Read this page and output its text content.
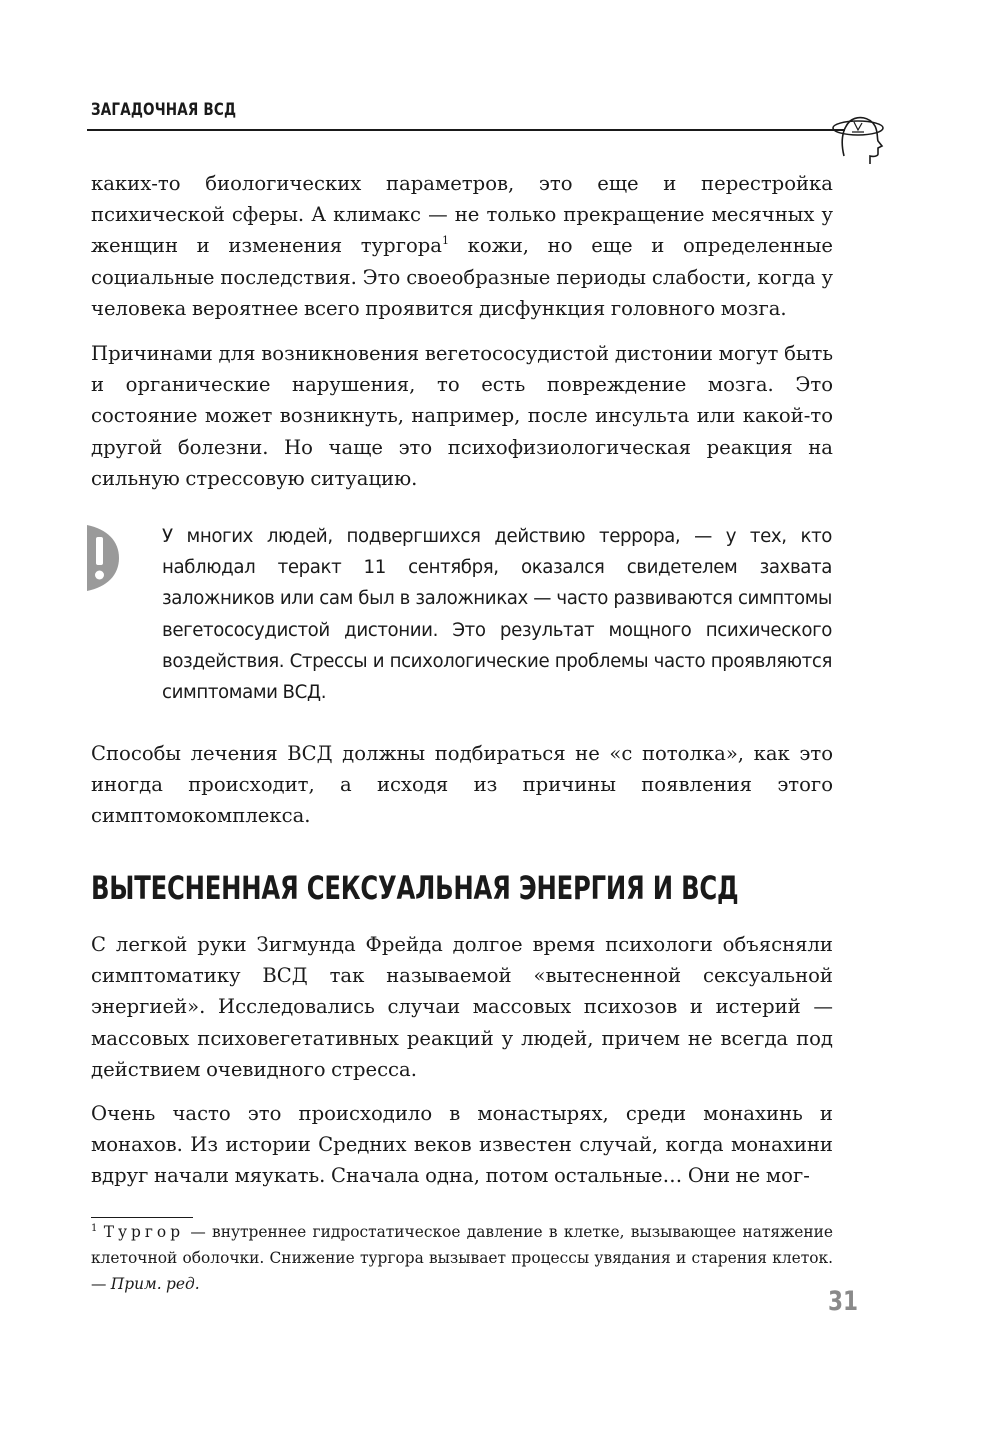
ЗАГАДОЧНАЯ ВСД

каких-то биологических параметров, это еще и перестройка психической сферы. А климакс — не только прекращение месячных у женщин и изменения тургора$^1$ кожи, но еще и определенные социальные последствия. Это своеобразные периоды слабости, когда у человека вероятнее всего проявится дисфункция головного мозга.

Причинами для возникновения вегетососудистой дистонии могут быть и органические нарушения, то есть повреждение мозга. Это состояние может возникнуть, например, после инсульта или какой-то другой болезни. Но чаще это психофизиологическая реакция на сильную стрессовую ситуацию.

У многих людей, подвергшихся действию террора, — у тех, кто наблюдал теракт 11 сентября, оказался свидетелем захвата заложников или сам был в заложниках — часто развиваются симптомы вегетососудистой дистонии. Это результат мощного психического воздействия. Стрессы и психологические проблемы часто проявляются симптомами ВСД.

Способы лечения ВСД должны подбираться не «с потолка», как это иногда происходит, а исходя из причины появления этого симптомокомплекса.

ВЫТЕСНЕННАЯ СЕКСУАЛЬНАЯ ЭНЕРГИЯ И ВСД

С легкой руки Зигмунда Фрейда долгое время психологи объясняли симптоматику ВСД так называемой «вытесненной сексуальной энергией». Исследовались случаи массовых психозов и истерий — массовых психовегетативных реакций у людей, причем не всегда под действием очевидного стресса.

Очень часто это происходило в монастырях, среди монахинь и монахов. Из истории Средних веков известен случай, когда монахини вдруг начали мяукать. Сначала одна, потом остальные… Они не мог-

$^1$ Тургор — внутреннее гидростатическое давление в клетке, вызывающее натяжение клеточной оболочки. Снижение тургора вызывает процессы увядания и старения клеток. — Прим. ред.

31
